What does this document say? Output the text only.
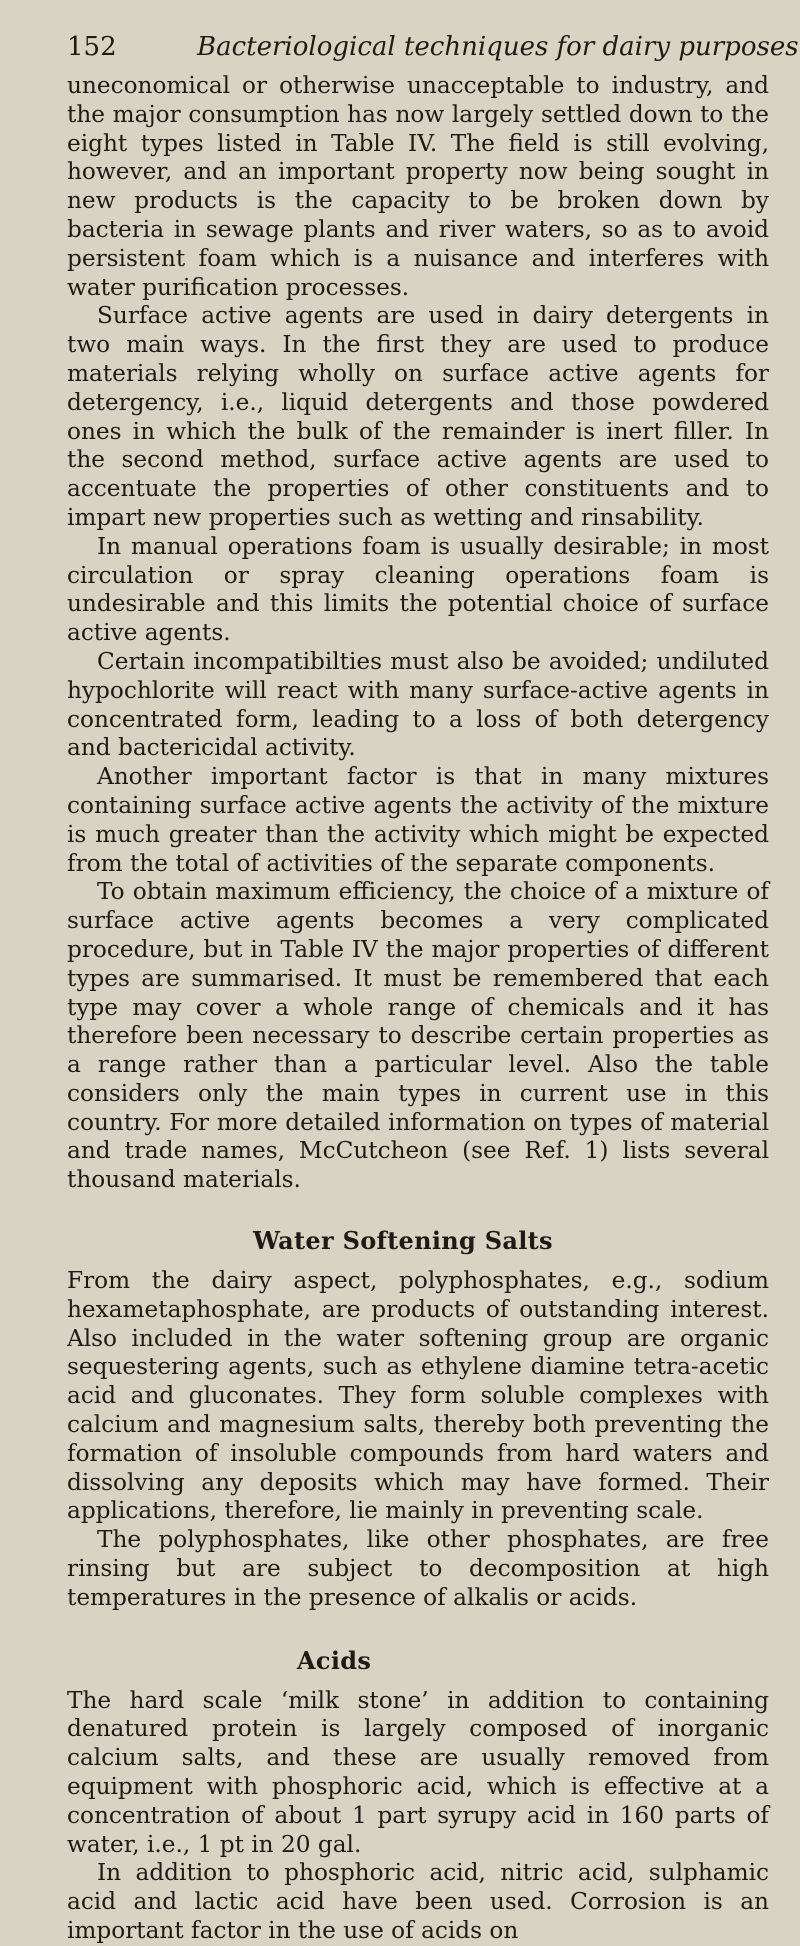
152	Bacteriological techniques for dairy purposes

uneconomical or otherwise unacceptable to industry, and the major consumption has now largely settled down to the eight types listed in Table IV. The field is still evolving, however, and an important property now being sought in new products is the capacity to be broken down by bacteria in sewage plants and river waters, so as to avoid persistent foam which is a nuisance and interferes with water purification processes.

Surface active agents are used in dairy detergents in two main ways. In the first they are used to produce materials relying wholly on surface active agents for detergency, i.e., liquid detergents and those powdered ones in which the bulk of the remainder is inert filler. In the second method, surface active agents are used to accentuate the properties of other constituents and to impart new properties such as wetting and rinsability.

In manual operations foam is usually desirable; in most circulation or spray cleaning operations foam is undesirable and this limits the potential choice of surface active agents.

Certain incompatibilties must also be avoided; undiluted hypochlorite will react with many surface-active agents in concentrated form, leading to a loss of both detergency and bactericidal activity.

Another important factor is that in many mixtures containing surface active agents the activity of the mixture is much greater than the activity which might be expected from the total of activities of the separate components.

To obtain maximum efficiency, the choice of a mixture of surface active agents becomes a very complicated procedure, but in Table IV the major properties of different types are summarised. It must be remembered that each type may cover a whole range of chemicals and it has therefore been necessary to describe certain properties as a range rather than a particular level. Also the table considers only the main types in current use in this country. For more detailed information on types of material and trade names, McCutcheon (see Ref. 1) lists several thousand materials.

Water Softening Salts

From the dairy aspect, polyphosphates, e.g., sodium hexametaphosphate, are products of outstanding interest. Also included in the water softening group are organic sequestering agents, such as ethylene diamine tetra-acetic acid and gluconates. They form soluble complexes with calcium and magnesium salts, thereby both preventing the formation of insoluble compounds from hard waters and dissolving any deposits which may have formed. Their applications, therefore, lie mainly in preventing scale.

The polyphosphates, like other phosphates, are free rinsing but are subject to decomposition at high temperatures in the presence of alkalis or acids.

Acids

The hard scale ‘milk stone’ in addition to containing denatured protein is largely composed of inorganic calcium salts, and these are usually removed from equipment with phosphoric acid, which is effective at a concentration of about 1 part syrupy acid in 160 parts of water, i.e., 1 pt in 20 gal.

In addition to phosphoric acid, nitric acid, sulphamic acid and lactic acid have been used. Corrosion is an important factor in the use of acids on
